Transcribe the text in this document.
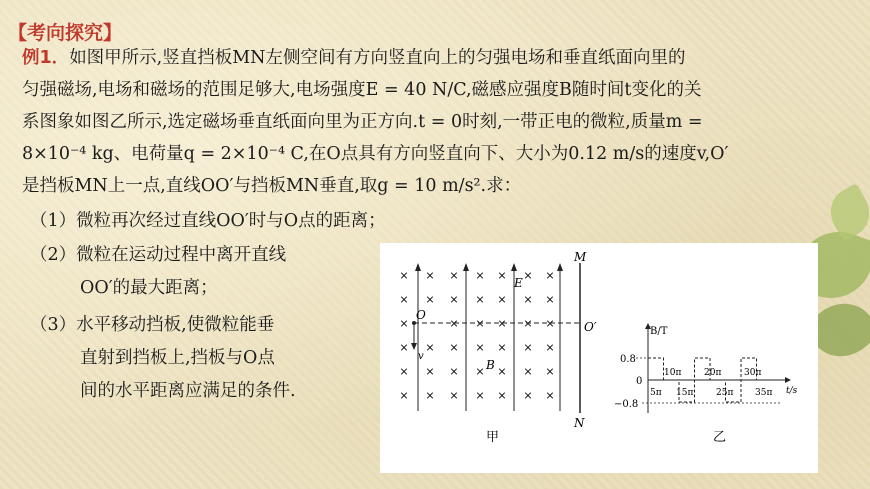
【考向探究】
例1．如图甲所示,竖直挡板MN左侧空间有方向竖直向上的匀强电场和垂直纸面向里的
匀强磁场,电场和磁场的范围足够大,电场强度E = 40 N/C,磁感应强度B随时间t变化的关
系图象如图乙所示,选定磁场垂直纸面向里为正方向.t = 0时刻,一带正电的微粒,质量m =
8×10⁻⁴ kg、电荷量q = 2×10⁻⁴ C,在O点具有方向竖直向下、大小为0.12 m/s的速度v,O′
是挡板MN上一点,直线OO′与挡板MN垂直,取g = 10 m/s².求：
（1）微粒再次经过直线OO′时与O点的距离；
（2）微粒在运动过程中离开直线
OO′的最大距离；
（3）水平移动挡板,使微粒能垂
直射到挡板上,挡板与O点
间的水平距离应满足的条件.
× × × × × × ×
× × × × × × ×
×	× × × × ×
× × × × × × ×
× × × × × × ×
× × × × × × ×
M
N
O
O′
v
E
B
甲
B/T
t/s
0.8
0
−0.8
5π 15π	25π 35π
10π	20π	30π
乙
